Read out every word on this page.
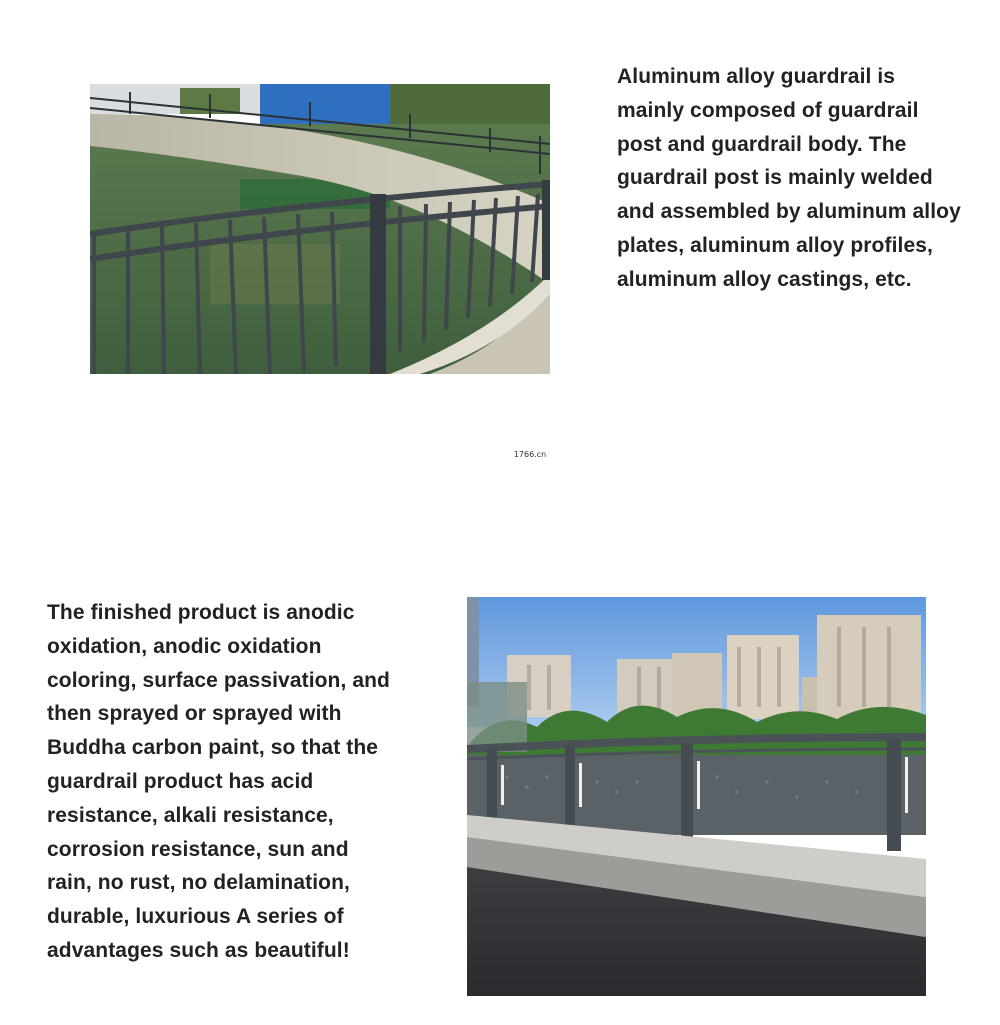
Aluminum alloy guardrail is mainly composed of guardrail post and guardrail body. The guardrail post is mainly welded and assembled by aluminum alloy plates, aluminum alloy profiles, aluminum alloy castings, etc.

1766.cn

The finished product is anodic oxidation, anodic oxidation coloring, surface passivation, and then sprayed or sprayed with Buddha carbon paint, so that the guardrail product has acid resistance, alkali resistance, corrosion resistance, sun and rain, no rust, no delamination, durable, luxurious A series of advantages such as beautiful!
